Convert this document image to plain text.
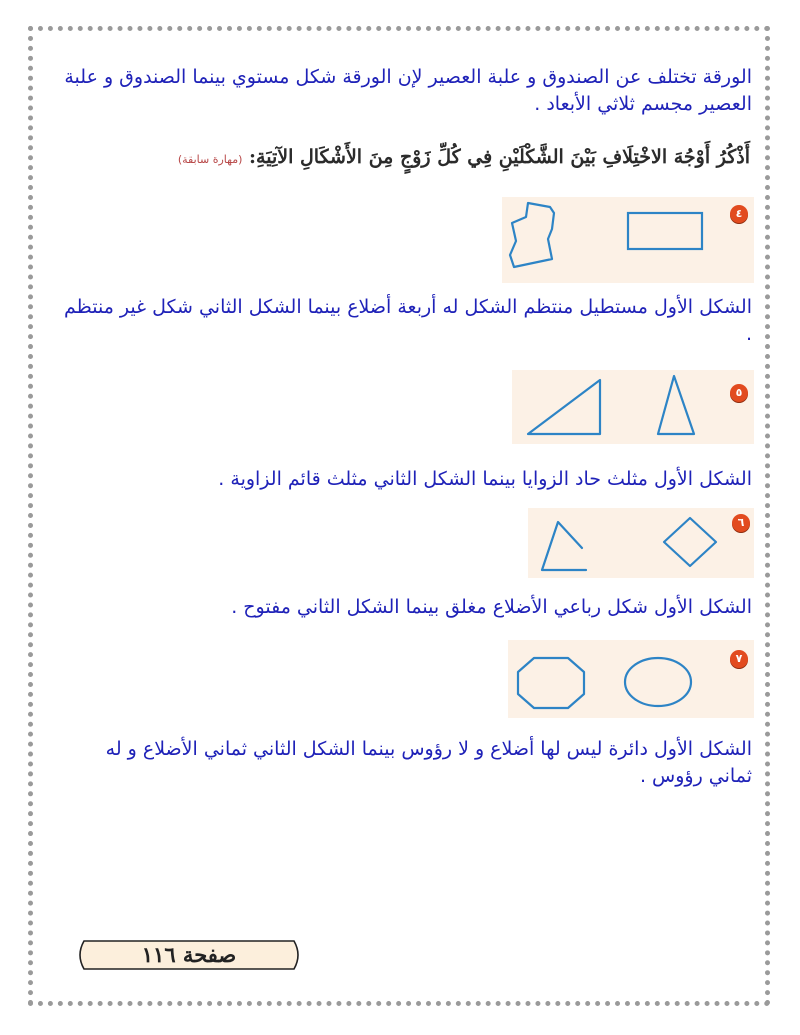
الورقة تختلف عن الصندوق و علبة العصير لإن الورقة شكل مستوي بينما الصندوق و علبة العصير مجسم ثلاثي الأبعاد .
أَذْكُرُ أَوْجُهَ الاخْتِلَافِ بَيْنَ الشَّكْلَيْنِ فِي كُلِّ زَوْجٍ مِنَ الأَشْكَالِ الآتِيَةِ: (مهارة سابقة)
٤
الشكل الأول مستطيل منتظم الشكل له أربعة أضلاع بينما الشكل الثاني شكل غير منتظم .
٥
الشكل الأول مثلث حاد الزوايا بينما الشكل الثاني مثلث قائم الزاوية .
٦
الشكل الأول شكل رباعي الأضلاع مغلق بينما الشكل الثاني مفتوح .
٧
الشكل الأول دائرة ليس لها أضلاع و لا رؤوس بينما الشكل الثاني ثماني الأضلاع و له ثماني رؤوس .
صفحة ١١٦
